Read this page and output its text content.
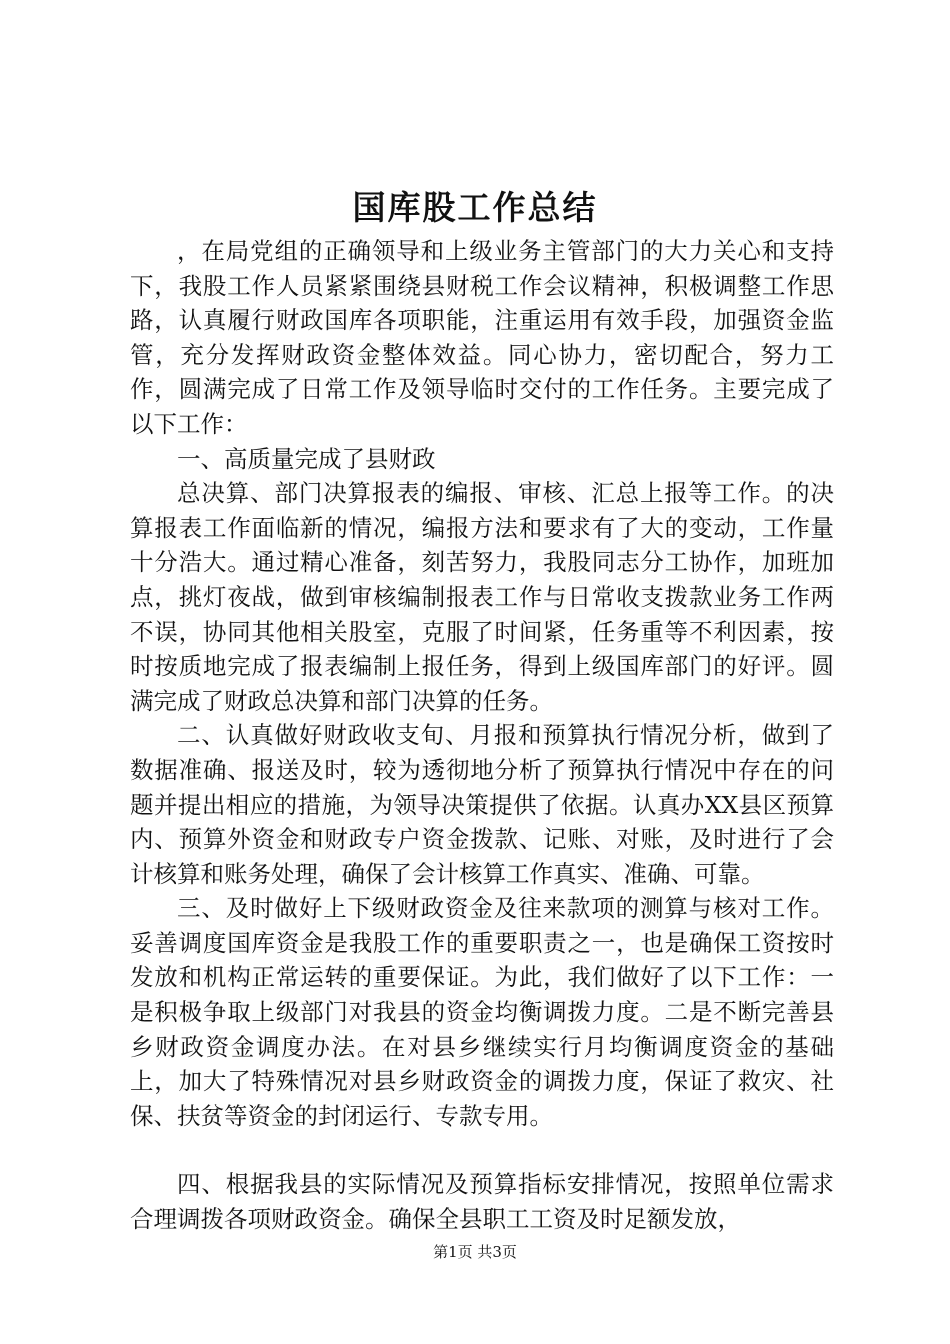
国库股工作总结

，在局党组的正确领导和上级业务主管部门的大力关心和支持下，我股工作人员紧紧围绕县财税工作会议精神，积极调整工作思路，认真履行财政国库各项职能，注重运用有效手段，加强资金监管，充分发挥财政资金整体效益。同心协力，密切配合，努力工作，圆满完成了日常工作及领导临时交付的工作任务。主要完成了以下工作：

一、高质量完成了县财政

总决算、部门决算报表的编报、审核、汇总上报等工作。的决算报表工作面临新的情况，编报方法和要求有了大的变动，工作量十分浩大。通过精心准备，刻苦努力，我股同志分工协作，加班加点，挑灯夜战，做到审核编制报表工作与日常收支拨款业务工作两不误，协同其他相关股室，克服了时间紧，任务重等不利因素，按时按质地完成了报表编制上报任务，得到上级国库部门的好评。圆满完成了财政总决算和部门决算的任务。

二、认真做好财政收支旬、月报和预算执行情况分析，做到了数据准确、报送及时，较为透彻地分析了预算执行情况中存在的问题并提出相应的措施，为领导决策提供了依据。认真办XX县区预算内、预算外资金和财政专户资金拨款、记账、对账，及时进行了会计核算和账务处理，确保了会计核算工作真实、准确、可靠。

三、及时做好上下级财政资金及往来款项的测算与核对工作。妥善调度国库资金是我股工作的重要职责之一，也是确保工资按时发放和机构正常运转的重要保证。为此，我们做好了以下工作：一是积极争取上级部门对我县的资金均衡调拨力度。二是不断完善县乡财政资金调度办法。在对县乡继续实行月均衡调度资金的基础上，加大了特殊情况对县乡财政资金的调拨力度，保证了救灾、社保、扶贫等资金的封闭运行、专款专用。

四、根据我县的实际情况及预算指标安排情况，按照单位需求合理调拨各项财政资金。确保全县职工工资及时足额发放，

第1页 共3页
